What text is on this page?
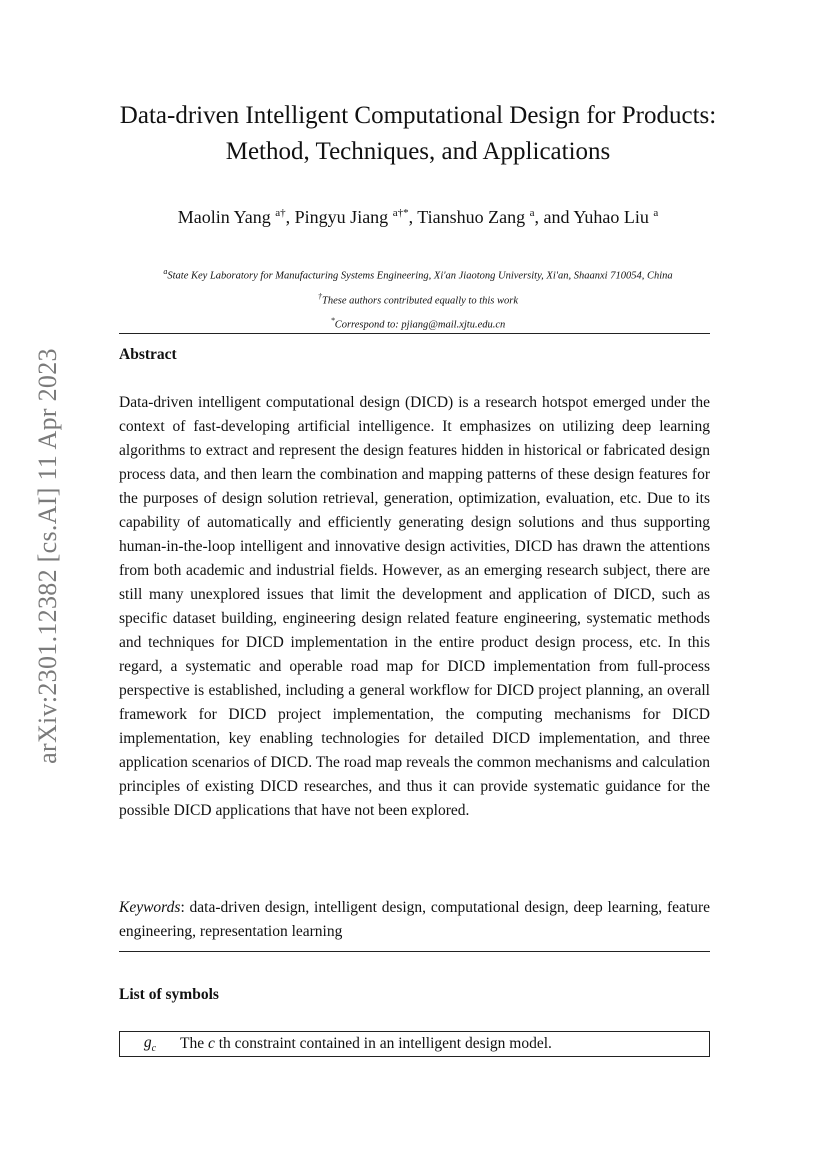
arXiv:2301.12382 [cs.AI] 11 Apr 2023
Data-driven Intelligent Computational Design for Products:
Method, Techniques, and Applications
Maolin Yang $^{a\dagger}$, Pingyu Jiang $^{a\dagger*}$, Tianshuo Zang $^a$, and Yuhao Liu $^a$
$^a$State Key Laboratory for Manufacturing Systems Engineering, Xi'an Jiaotong University, Xi'an, Shaanxi 710054, China
†These authors contributed equally to this work
*Correspond to: pjiang@mail.xjtu.edu.cn
Abstract

Data-driven intelligent computational design (DICD) is a research hotspot emerged under the context of fast-developing artificial intelligence. It emphasizes on utilizing deep learning algorithms to extract and represent the design features hidden in historical or fabricated design process data, and then learn the combination and mapping patterns of these design features for the purposes of design solution retrieval, generation, optimization, evaluation, etc. Due to its capability of automatically and efficiently generating design solutions and thus supporting human-in-the-loop intelligent and innovative design activities, DICD has drawn the attentions from both academic and industrial fields. However, as an emerging research subject, there are still many unexplored issues that limit the development and application of DICD, such as specific dataset building, engineering design related feature engineering, systematic methods and techniques for DICD implementation in the entire product design process, etc. In this regard, a systematic and operable road map for DICD implementation from full-process perspective is established, including a general workflow for DICD project planning, an overall framework for DICD project implementation, the computing mechanisms for DICD implementation, key enabling technologies for detailed DICD implementation, and three application scenarios of DICD. The road map reveals the common mechanisms and calculation principles of existing DICD researches, and thus it can provide systematic guidance for the possible DICD applications that have not been explored.

Keywords: data-driven design, intelligent design, computational design, deep learning, feature engineering, representation learning

List of symbols
$g_c$	The c th constraint contained in an intelligent design model.
